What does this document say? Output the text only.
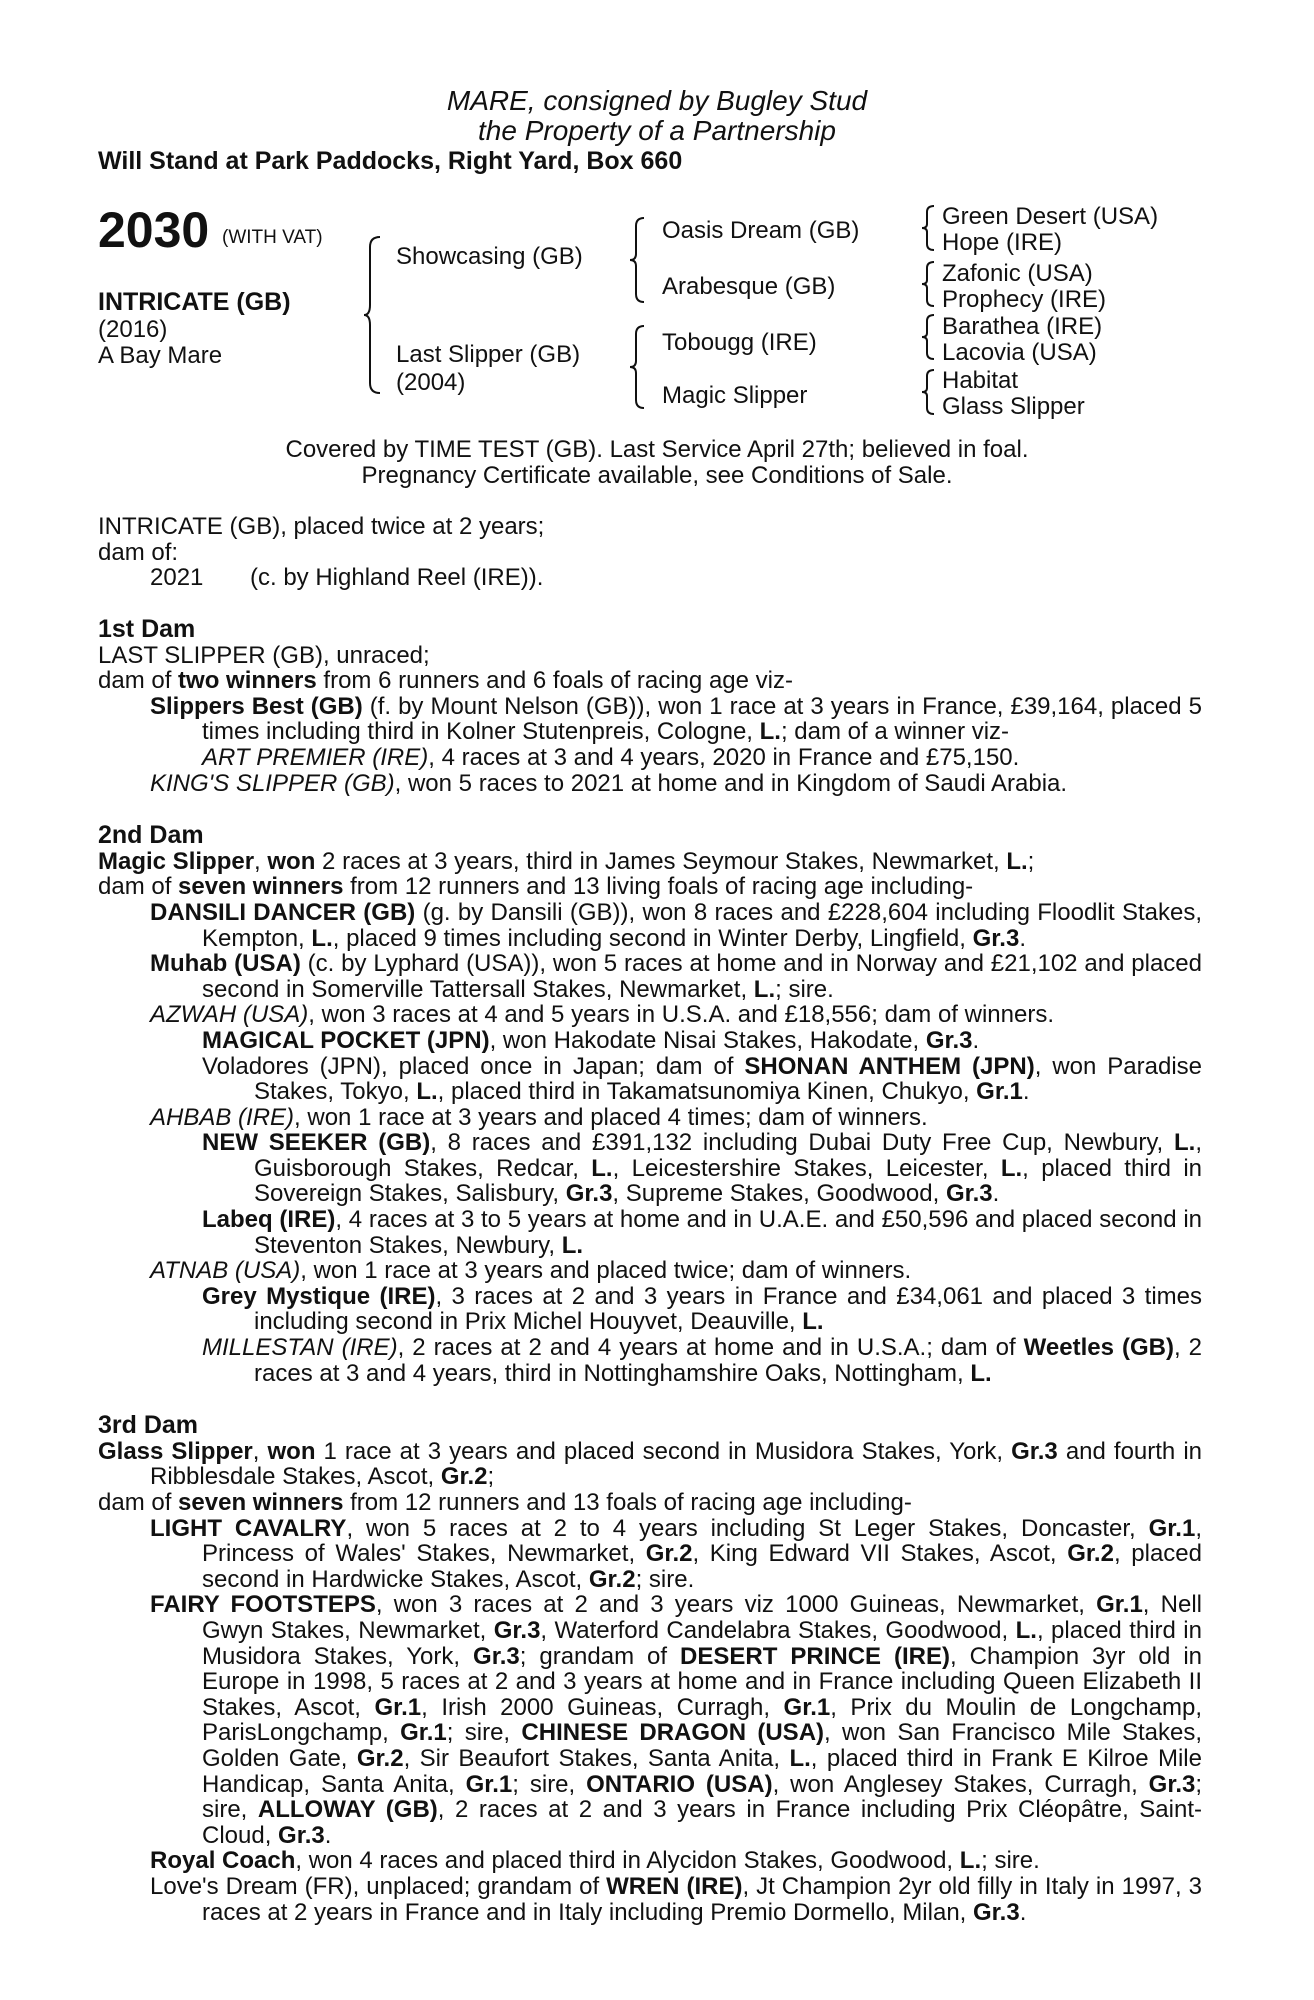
MARE, consigned by Bugley Stud
the Property of a Partnership
Will Stand at Park Paddocks, Right Yard, Box 660
2030 (WITH VAT)
INTRICATE (GB)
(2016)
A Bay Mare
Showcasing (GB)
Last Slipper (GB)
(2004)
Oasis Dream (GB)
Arabesque (GB)
Tobougg (IRE)
Magic Slipper
Green Desert (USA)
Hope (IRE)
Zafonic (USA)
Prophecy (IRE)
Barathea (IRE)
Lacovia (USA)
Habitat
Glass Slipper
Covered by TIME TEST (GB). Last Service April 27th; believed in foal.
Pregnancy Certificate available, see Conditions of Sale.
INTRICATE (GB), placed twice at 2 years;
dam of:
2021 (c. by Highland Reel (IRE)).

1st Dam

LAST SLIPPER (GB), unraced;

dam of two winners from 6 runners and 6 foals of racing age viz-

Slippers Best (GB) (f. by Mount Nelson (GB)), won 1 race at 3 years in France, £39,164, placed 5 times including third in Kolner Stutenpreis, Cologne, L.; dam of a winner viz-

ART PREMIER (IRE), 4 races at 3 and 4 years, 2020 in France and £75,150.

KING'S SLIPPER (GB), won 5 races to 2021 at home and in Kingdom of Saudi Arabia.

2nd Dam

Magic Slipper, won 2 races at 3 years, third in James Seymour Stakes, Newmarket, L.;

dam of seven winners from 12 runners and 13 living foals of racing age including-

DANSILI DANCER (GB) (g. by Dansili (GB)), won 8 races and £228,604 including Floodlit Stakes, Kempton, L., placed 9 times including second in Winter Derby, Lingfield, Gr.3.

Muhab (USA) (c. by Lyphard (USA)), won 5 races at home and in Norway and £21,102 and placed second in Somerville Tattersall Stakes, Newmarket, L.; sire.

AZWAH (USA), won 3 races at 4 and 5 years in U.S.A. and £18,556; dam of winners.

MAGICAL POCKET (JPN), won Hakodate Nisai Stakes, Hakodate, Gr.3.

Voladores (JPN), placed once in Japan; dam of SHONAN ANTHEM (JPN), won Paradise Stakes, Tokyo, L., placed third in Takamatsunomiya Kinen, Chukyo, Gr.1.

AHBAB (IRE), won 1 race at 3 years and placed 4 times; dam of winners.

NEW SEEKER (GB), 8 races and £391,132 including Dubai Duty Free Cup, Newbury, L., Guisborough Stakes, Redcar, L., Leicestershire Stakes, Leicester, L., placed third in Sovereign Stakes, Salisbury, Gr.3, Supreme Stakes, Goodwood, Gr.3.

Labeq (IRE), 4 races at 3 to 5 years at home and in U.A.E. and £50,596 and placed second in Steventon Stakes, Newbury, L.

ATNAB (USA), won 1 race at 3 years and placed twice; dam of winners.

Grey Mystique (IRE), 3 races at 2 and 3 years in France and £34,061 and placed 3 times including second in Prix Michel Houyvet, Deauville, L.

MILLESTAN (IRE), 2 races at 2 and 4 years at home and in U.S.A.; dam of Weetles (GB), 2 races at 3 and 4 years, third in Nottinghamshire Oaks, Nottingham, L.

3rd Dam

Glass Slipper, won 1 race at 3 years and placed second in Musidora Stakes, York, Gr.3 and fourth in Ribblesdale Stakes, Ascot, Gr.2;

dam of seven winners from 12 runners and 13 foals of racing age including-

LIGHT CAVALRY, won 5 races at 2 to 4 years including St Leger Stakes, Doncaster, Gr.1, Princess of Wales' Stakes, Newmarket, Gr.2, King Edward VII Stakes, Ascot, Gr.2, placed second in Hardwicke Stakes, Ascot, Gr.2; sire.

FAIRY FOOTSTEPS, won 3 races at 2 and 3 years viz 1000 Guineas, Newmarket, Gr.1, Nell Gwyn Stakes, Newmarket, Gr.3, Waterford Candelabra Stakes, Goodwood, L., placed third in Musidora Stakes, York, Gr.3; grandam of DESERT PRINCE (IRE), Champion 3yr old in Europe in 1998, 5 races at 2 and 3 years at home and in France including Queen Elizabeth II Stakes, Ascot, Gr.1, Irish 2000 Guineas, Curragh, Gr.1, Prix du Moulin de Longchamp, ParisLongchamp, Gr.1; sire, CHINESE DRAGON (USA), won San Francisco Mile Stakes, Golden Gate, Gr.2, Sir Beaufort Stakes, Santa Anita, L., placed third in Frank E Kilroe Mile Handicap, Santa Anita, Gr.1; sire, ONTARIO (USA), won Anglesey Stakes, Curragh, Gr.3; sire, ALLOWAY (GB), 2 races at 2 and 3 years in France including Prix Cléopâtre, Saint-Cloud, Gr.3.

Royal Coach, won 4 races and placed third in Alycidon Stakes, Goodwood, L.; sire.

Love's Dream (FR), unplaced; grandam of WREN (IRE), Jt Champion 2yr old filly in Italy in 1997, 3 races at 2 years in France and in Italy including Premio Dormello, Milan, Gr.3.
